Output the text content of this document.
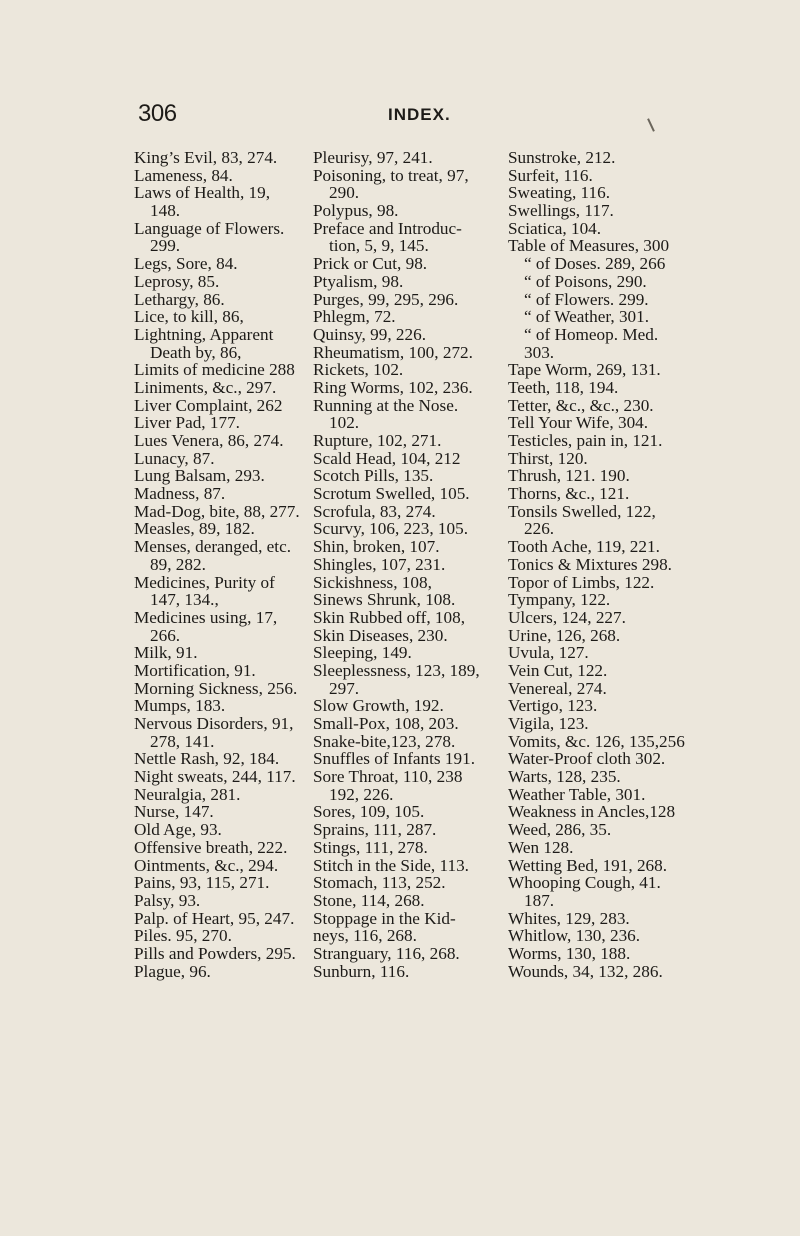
306	INDEX.
King’s Evil, 83, 274.
Lameness, 84.
Laws of Health, 19,
148.
Language of Flowers.
299.
Legs, Sore, 84.
Leprosy, 85.
Lethargy, 86.
Lice, to kill, 86,
Lightning, Apparent
Death by, 86,
Limits of medicine 288
Liniments, &c., 297.
Liver Complaint, 262
Liver Pad, 177.
Lues Venera, 86, 274.
Lunacy, 87.
Lung Balsam, 293.
Madness, 87.
Mad-Dog, bite, 88, 277.
Measles, 89, 182.
Menses, deranged, etc.
89, 282.
Medicines, Purity of
147, 134.,
Medicines using, 17,
266.
Milk, 91.
Mortification, 91.
Morning Sickness, 256.
Mumps, 183.
Nervous Disorders, 91,
278, 141.
Nettle Rash, 92, 184.
Night sweats, 244, 117.
Neuralgia, 281.
Nurse, 147.
Old Age, 93.
Offensive breath, 222.
Ointments, &c., 294.
Pains, 93, 115, 271.
Palsy, 93.
Palp. of Heart, 95, 247.
Piles. 95, 270.
Pills and Powders, 295.
Plague, 96.
Pleurisy, 97, 241.
Poisoning, to treat, 97,
290.
Polypus, 98.
Preface and Introduc-
tion, 5, 9, 145.
Prick or Cut, 98.
Ptyalism, 98.
Purges, 99, 295, 296.
Phlegm, 72.
Quinsy, 99, 226.
Rheumatism, 100, 272.
Rickets, 102.
Ring Worms, 102, 236.
Running at the Nose.
102.
Rupture, 102, 271.
Scald Head, 104, 212
Scotch Pills, 135.
Scrotum Swelled, 105.
Scrofula, 83, 274.
Scurvy, 106, 223, 105.
Shin, broken, 107.
Shingles, 107, 231.
Sickishness, 108,
Sinews Shrunk, 108.
Skin Rubbed off, 108,
Skin Diseases, 230.
Sleeping, 149.
Sleeplessness, 123, 189,
297.
Slow Growth, 192.
Small-Pox, 108, 203.
Snake-bite,123, 278.
Snuffles of Infants 191.
Sore Throat, 110, 238
192, 226.
Sores, 109, 105.
Sprains, 111, 287.
Stings, 111, 278.
Stitch in the Side, 113.
Stomach, 113, 252.
Stone, 114, 268.
Stoppage in the Kid-
neys, 116, 268.
Stranguary, 116, 268.
Sunburn, 116.
Sunstroke, 212.
Surfeit, 116.
Sweating, 116.
Swellings, 117.
Sciatica, 104.
Table of Measures, 300
“ of Doses. 289, 266
“ of Poisons, 290.
“ of Flowers. 299.
“ of Weather, 301.
“ of Homeop. Med.
303.
Tape Worm, 269, 131.
Teeth, 118, 194.
Tetter, &c., &c., 230.
Tell Your Wife, 304.
Testicles, pain in, 121.
Thirst, 120.
Thrush, 121. 190.
Thorns, &c., 121.
Tonsils Swelled, 122,
226.
Tooth Ache, 119, 221.
Tonics & Mixtures 298.
Topor of Limbs, 122.
Tympany, 122.
Ulcers, 124, 227.
Urine, 126, 268.
Uvula, 127.
Vein Cut, 122.
Venereal, 274.
Vertigo, 123.
Vigila, 123.
Vomits, &c. 126, 135,256
Water-Proof cloth 302.
Warts, 128, 235.
Weather Table, 301.
Weakness in Ancles,128
Weed, 286, 35.
Wen 128.
Wetting Bed, 191, 268.
Whooping Cough, 41.
187.
Whites, 129, 283.
Whitlow, 130, 236.
Worms, 130, 188.
Wounds, 34, 132, 286.
